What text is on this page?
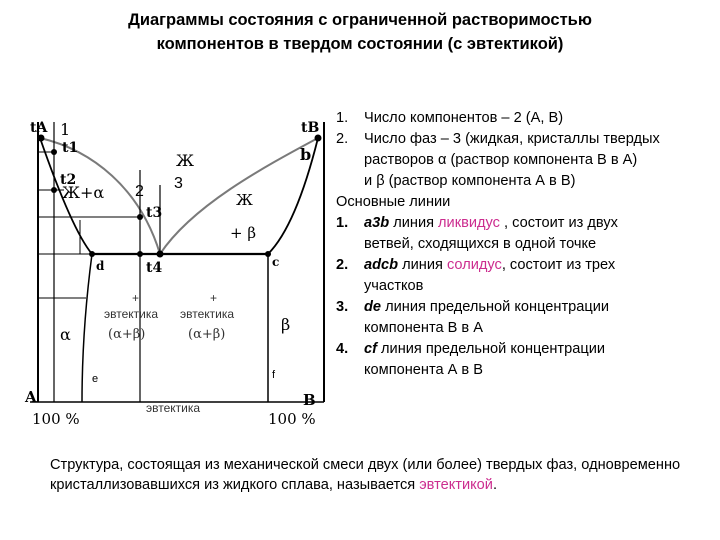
Диаграммы состояния с ограниченной растворимостью
компонентов в твердом состоянии (с эвтектикой)
tA 1
t1
t2
2
t3
3
t4
tB
b
d	c
e	f
A	B
Ж
Ж+α	Ж
+ β
α
β
+
эвтектика
(α+β)
+
эвтектика
(α+β)
эвтектика
100 %	100 %
1. Число компонентов – 2 (А, В)
2. Число фаз – 3 (жидкая, кристаллы твердых
растворов α (раствор компонента В в А)
и β (раствор компонента А в В)
Основные линии
1. а3b линия ликвидус , состоит из двух
ветвей, сходящихся в одной точке
2. adcb линия солидус, состоит из трех
участков
3. de линия предельной концентрации
компонента В в А
4. cf линия предельной концентрации
компонента А в В
Структура, состоящая из механической смеси двух (или более) твердых фаз, одновременно кристаллизовавшихся из жидкого сплава, называется эвтектикой.
